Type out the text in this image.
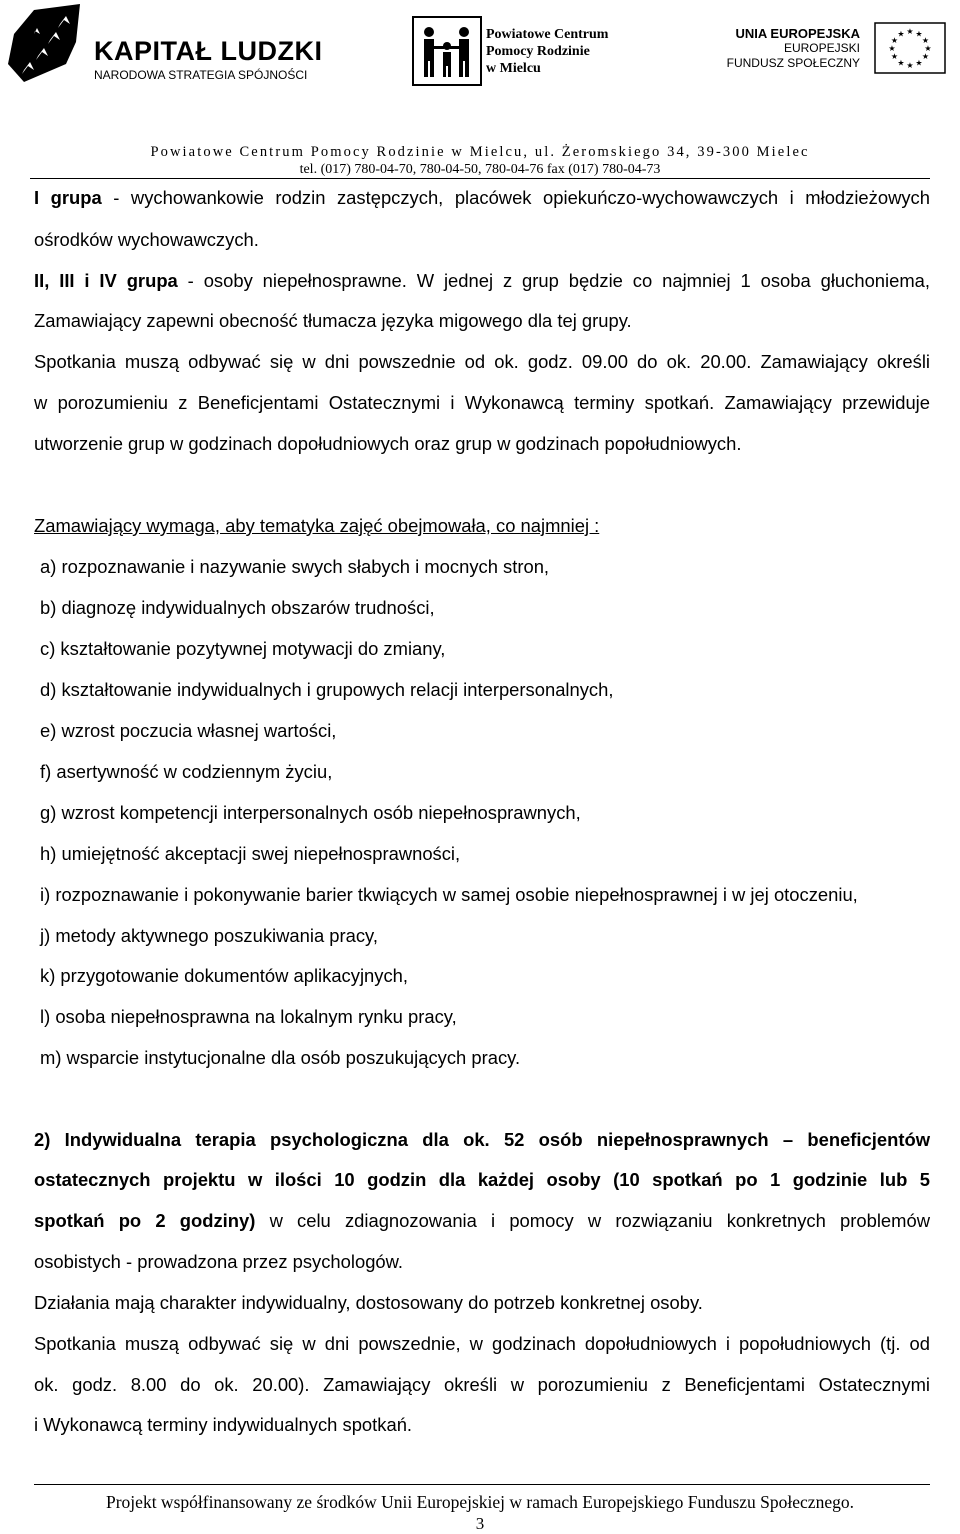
KAPITAŁ LUDZKI
NARODOWA STRATEGIA SPÓJNOŚCI
Powiatowe Centrum
Pomocy Rodzinie
w Mielcu
UNIA EUROPEJSKA
EUROPEJSKI
FUNDUSZ SPOŁECZNY
★ ★
★
★
★
★
★
★
★
★
★
★
Powiatowe Centrum Pomocy Rodzinie w Mielcu, ul. Żeromskiego 34, 39-300 Mielec
tel. (017) 780-04-70, 780-04-50, 780-04-76 fax (017) 780-04-73
I grupa - wychowankowie rodzin zastępczych, placówek opiekuńczo-wychowawczych i młodzieżowych
ośrodków wychowawczych.
II, III i IV grupa - osoby niepełnosprawne. W jednej z grup będzie co najmniej 1 osoba głuchoniema,
Zamawiający zapewni obecność tłumacza języka migowego dla tej grupy.
Spotkania muszą odbywać się w dni powszednie od ok. godz. 09.00 do ok. 20.00. Zamawiający określi
w porozumieniu z Beneficjentami Ostatecznymi i Wykonawcą terminy spotkań. Zamawiający przewiduje
utworzenie grup w godzinach dopołudniowych oraz grup w godzinach popołudniowych.
Zamawiający wymaga, aby tematyka zajęć obejmowała, co najmniej :
a) rozpoznawanie i nazywanie swych słabych i mocnych stron,
b) diagnozę indywidualnych obszarów trudności,
c) kształtowanie pozytywnej motywacji do zmiany,
d) kształtowanie indywidualnych i grupowych relacji interpersonalnych,
e) wzrost poczucia własnej wartości,
f) asertywność w codziennym życiu,
g) wzrost kompetencji interpersonalnych osób niepełnosprawnych,
h) umiejętność akceptacji swej niepełnosprawności,
i) rozpoznawanie i pokonywanie barier tkwiących w samej osobie niepełnosprawnej i w jej otoczeniu,
j) metody aktywnego poszukiwania pracy,
k) przygotowanie dokumentów aplikacyjnych,
l) osoba niepełnosprawna na lokalnym rynku pracy,
m) wsparcie instytucjonalne dla osób poszukujących pracy.
2) Indywidualna terapia psychologiczna dla ok. 52 osób niepełnosprawnych – beneficjentów
ostatecznych projektu w ilości 10 godzin dla każdej osoby (10 spotkań po 1 godzinie lub 5
spotkań po 2 godziny) w celu zdiagnozowania i pomocy w rozwiązaniu konkretnych problemów
osobistych - prowadzona przez psychologów.
Działania mają charakter indywidualny, dostosowany do potrzeb konkretnej osoby.
Spotkania muszą odbywać się w dni powszednie, w godzinach dopołudniowych i popołudniowych (tj. od
ok. godz. 8.00 do ok. 20.00). Zamawiający określi w porozumieniu z Beneficjentami Ostatecznymi
i Wykonawcą terminy indywidualnych spotkań.
Projekt współfinansowany ze środków Unii Europejskiej w ramach Europejskiego Funduszu Społecznego.
3
